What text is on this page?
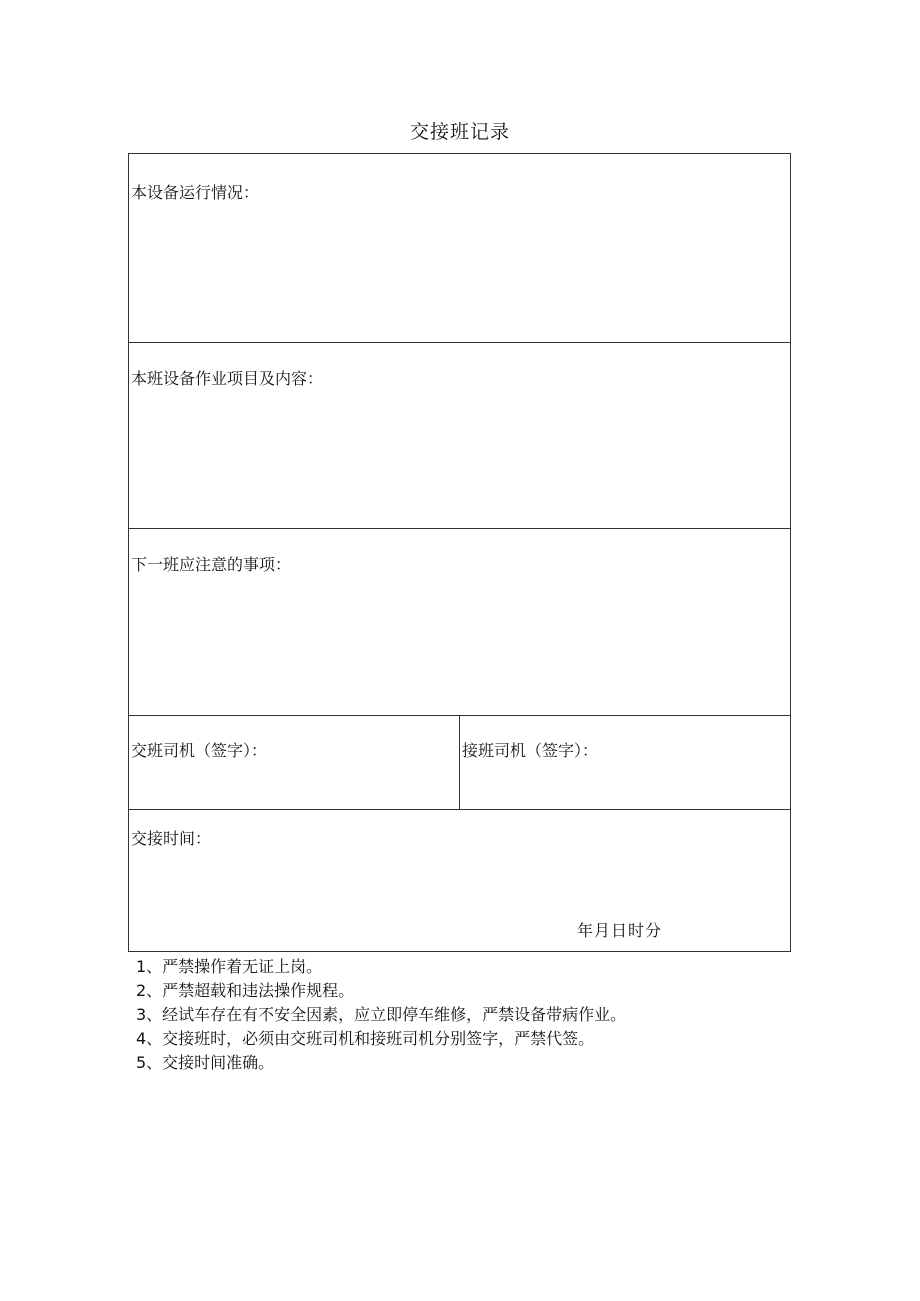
交接班记录
本设备运行情况：
本班设备作业项目及内容：
下一班应注意的事项：
交班司机（签字）：	接班司机（签字）：
交接时间：
年月日时分
1、严禁操作着无证上岗。
2、严禁超载和违法操作规程。
3、经试车存在有不安全因素，应立即停车维修，严禁设备带病作业。
4、交接班时，必须由交班司机和接班司机分别签字，严禁代签。
5、交接时间准确。
